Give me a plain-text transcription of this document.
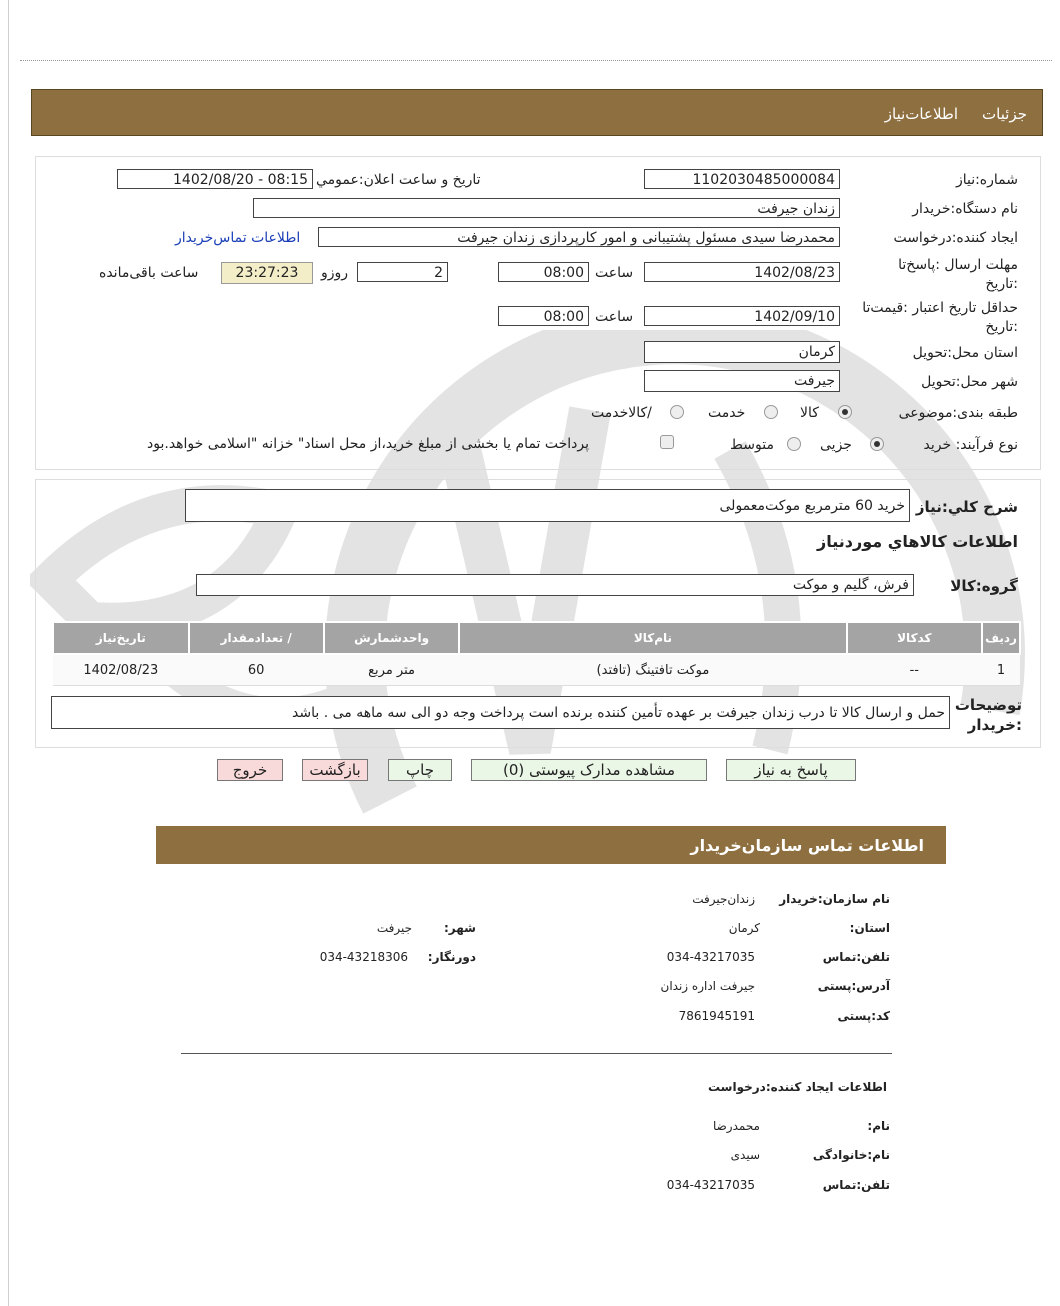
جزئیات
اطلاعات‌نیاز
شماره:نیاز
1102030485000084
تاریخ و ساعت اعلان:عمومي
1402/08/20 - 08:15
نام دستگاه:خریدار
زندان جیرفت
ایجاد کننده:درخواست
محمدرضا سیدی مسئول پشتیبانی و امور کارپردازی زندان جیرفت
اطلاعات تماس‌خریدار
مهلت ارسال :پاسخ‌تا
:تاریخ
1402/08/23
ساعت
08:00
2
روزو
23:27:23
ساعت باقی‌مانده
حداقل تاریخ اعتبار :قیمت‌تا
:تاریخ
1402/09/10
ساعت
08:00
استان محل:تحویل
کرمان
شهر محل:تحویل
جیرفت
طبقه بندی:موضوعی
کالا
خدمت
/کالاخدمت
نوع فرآیند: خرید
جزیی
متوسط
پرداخت تمام یا بخشی از مبلغ خرید،از محل اسناد" خزانه "اسلامی خواهد.بود
شرح کلي:نیاز
خرید 60 مترمربع موکت‌معمولی
اطلاعات کالاهاي موردنیاز
گروه:کالا
فرش، گلیم و موکت
ردیف	کدکالا	نام‌کالا	واحدشمارش	/ تعدادمقدار	تاریخ‌نیاز
1	--	موکت تافتینگ (تافتد)	متر مربع	60	1402/08/23
توضیحات
:خریدار
حمل و ارسال کالا تا درب زندان جیرفت بر عهده تأمین کننده برنده است پرداخت وجه دو الی سه ماهه می . باشد
پاسخ به نیاز
مشاهده مدارک پیوستی (0)
چاپ
بازگشت
خروج
اطلاعات تماس سازمان‌خریدار
نام سازمان:خریدار
زندان‌جیرفت
استان:
کرمان
شهر:
جیرفت
تلفن:تماس
034-43217035
دورنگار:
034-43218306
آدرس:پستی
جیرفت اداره زندان
کد:پستی
7861945191
اطلاعات ایجاد کننده:درخواست
نام:
محمدرضا
نام:خانوادگی
سیدی
تلفن:تماس
034-43217035
